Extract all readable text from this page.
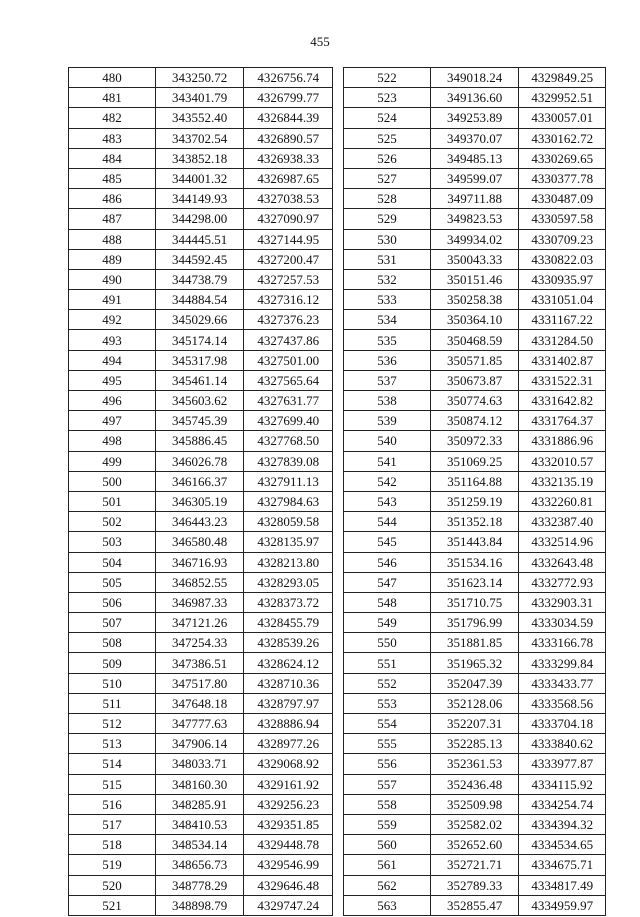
455
480	343250.72	4326756.74
481	343401.79	4326799.77
482	343552.40	4326844.39
483	343702.54	4326890.57
484	343852.18	4326938.33
485	344001.32	4326987.65
486	344149.93	4327038.53
487	344298.00	4327090.97
488	344445.51	4327144.95
489	344592.45	4327200.47
490	344738.79	4327257.53
491	344884.54	4327316.12
492	345029.66	4327376.23
493	345174.14	4327437.86
494	345317.98	4327501.00
495	345461.14	4327565.64
496	345603.62	4327631.77
497	345745.39	4327699.40
498	345886.45	4327768.50
499	346026.78	4327839.08
500	346166.37	4327911.13
501	346305.19	4327984.63
502	346443.23	4328059.58
503	346580.48	4328135.97
504	346716.93	4328213.80
505	346852.55	4328293.05
506	346987.33	4328373.72
507	347121.26	4328455.79
508	347254.33	4328539.26
509	347386.51	4328624.12
510	347517.80	4328710.36
511	347648.18	4328797.97
512	347777.63	4328886.94
513	347906.14	4328977.26
514	348033.71	4329068.92
515	348160.30	4329161.92
516	348285.91	4329256.23
517	348410.53	4329351.85
518	348534.14	4329448.78
519	348656.73	4329546.99
520	348778.29	4329646.48
521	348898.79	4329747.24
522	349018.24	4329849.25
523	349136.60	4329952.51
524	349253.89	4330057.01
525	349370.07	4330162.72
526	349485.13	4330269.65
527	349599.07	4330377.78
528	349711.88	4330487.09
529	349823.53	4330597.58
530	349934.02	4330709.23
531	350043.33	4330822.03
532	350151.46	4330935.97
533	350258.38	4331051.04
534	350364.10	4331167.22
535	350468.59	4331284.50
536	350571.85	4331402.87
537	350673.87	4331522.31
538	350774.63	4331642.82
539	350874.12	4331764.37
540	350972.33	4331886.96
541	351069.25	4332010.57
542	351164.88	4332135.19
543	351259.19	4332260.81
544	351352.18	4332387.40
545	351443.84	4332514.96
546	351534.16	4332643.48
547	351623.14	4332772.93
548	351710.75	4332903.31
549	351796.99	4333034.59
550	351881.85	4333166.78
551	351965.32	4333299.84
552	352047.39	4333433.77
553	352128.06	4333568.56
554	352207.31	4333704.18
555	352285.13	4333840.62
556	352361.53	4333977.87
557	352436.48	4334115.92
558	352509.98	4334254.74
559	352582.02	4334394.32
560	352652.60	4334534.65
561	352721.71	4334675.71
562	352789.33	4334817.49
563	352855.47	4334959.97
